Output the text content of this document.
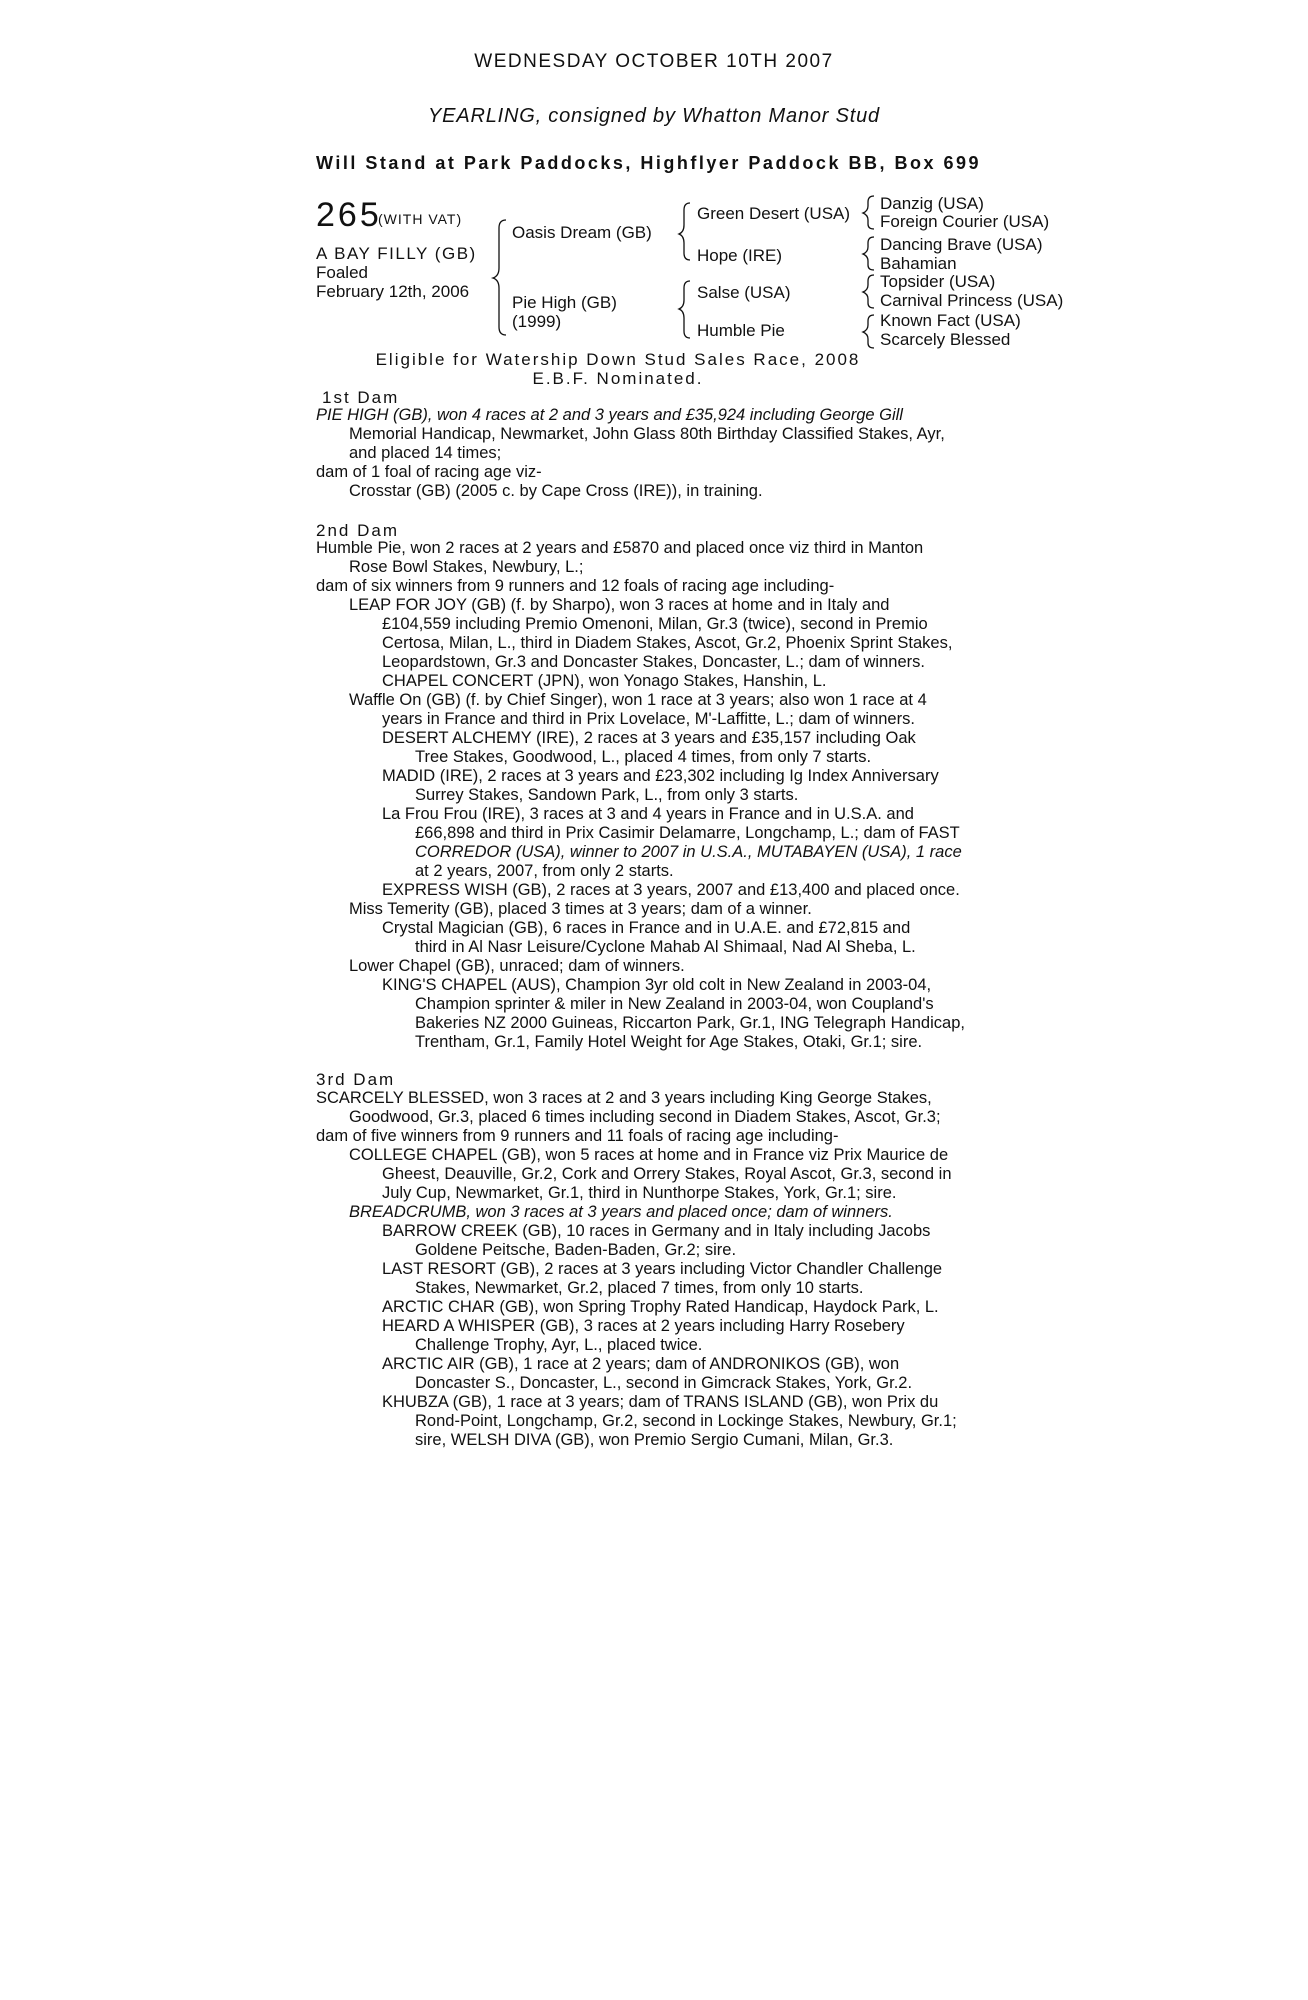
WEDNESDAY OCTOBER 10TH 2007
YEARLING, consigned by Whatton Manor Stud
Will Stand at Park Paddocks, Highflyer Paddock BB, Box 699
265
(WITH VAT)
A BAY FILLY (GB)
Foaled
February 12th, 2006
Oasis Dream (GB)
Pie High (GB)
(1999)
Green Desert (USA)
Hope (IRE)
Salse (USA)
Humble Pie
Danzig (USA)
Foreign Courier (USA)
Dancing Brave (USA)
Bahamian
Topsider (USA)
Carnival Princess (USA)
Known Fact (USA)
Scarcely Blessed
Eligible for Watership Down Stud Sales Race, 2008
E.B.F. Nominated.
1st Dam
PIE HIGH (GB), won 4 races at 2 and 3 years and £35,924 including George Gill
Memorial Handicap, Newmarket, John Glass 80th Birthday Classified Stakes, Ayr,
and placed 14 times;
dam of 1 foal of racing age viz-
Crosstar (GB) (2005 c. by Cape Cross (IRE)), in training.
2nd Dam
Humble Pie, won 2 races at 2 years and £5870 and placed once viz third in Manton
Rose Bowl Stakes, Newbury, L.;
dam of six winners from 9 runners and 12 foals of racing age including-
LEAP FOR JOY (GB) (f. by Sharpo), won 3 races at home and in Italy and
£104,559 including Premio Omenoni, Milan, Gr.3 (twice), second in Premio
Certosa, Milan, L., third in Diadem Stakes, Ascot, Gr.2, Phoenix Sprint Stakes,
Leopardstown, Gr.3 and Doncaster Stakes, Doncaster, L.; dam of winners.
CHAPEL CONCERT (JPN), won Yonago Stakes, Hanshin, L.
Waffle On (GB) (f. by Chief Singer), won 1 race at 3 years; also won 1 race at 4
years in France and third in Prix Lovelace, M'-Laffitte, L.; dam of winners.
DESERT ALCHEMY (IRE), 2 races at 3 years and £35,157 including Oak
Tree Stakes, Goodwood, L., placed 4 times, from only 7 starts.
MADID (IRE), 2 races at 3 years and £23,302 including Ig Index Anniversary
Surrey Stakes, Sandown Park, L., from only 3 starts.
La Frou Frou (IRE), 3 races at 3 and 4 years in France and in U.S.A. and
£66,898 and third in Prix Casimir Delamarre, Longchamp, L.; dam of FAST
CORREDOR (USA), winner to 2007 in U.S.A., MUTABAYEN (USA), 1 race
at 2 years, 2007, from only 2 starts.
EXPRESS WISH (GB), 2 races at 3 years, 2007 and £13,400 and placed once.
Miss Temerity (GB), placed 3 times at 3 years; dam of a winner.
Crystal Magician (GB), 6 races in France and in U.A.E. and £72,815 and
third in Al Nasr Leisure/Cyclone Mahab Al Shimaal, Nad Al Sheba, L.
Lower Chapel (GB), unraced; dam of winners.
KING'S CHAPEL (AUS), Champion 3yr old colt in New Zealand in 2003-04,
Champion sprinter & miler in New Zealand in 2003-04, won Coupland's
Bakeries NZ 2000 Guineas, Riccarton Park, Gr.1, ING Telegraph Handicap,
Trentham, Gr.1, Family Hotel Weight for Age Stakes, Otaki, Gr.1; sire.
3rd Dam
SCARCELY BLESSED, won 3 races at 2 and 3 years including King George Stakes,
Goodwood, Gr.3, placed 6 times including second in Diadem Stakes, Ascot, Gr.3;
dam of five winners from 9 runners and 11 foals of racing age including-
COLLEGE CHAPEL (GB), won 5 races at home and in France viz Prix Maurice de
Gheest, Deauville, Gr.2, Cork and Orrery Stakes, Royal Ascot, Gr.3, second in
July Cup, Newmarket, Gr.1, third in Nunthorpe Stakes, York, Gr.1; sire.
BREADCRUMB, won 3 races at 3 years and placed once; dam of winners.
BARROW CREEK (GB), 10 races in Germany and in Italy including Jacobs
Goldene Peitsche, Baden-Baden, Gr.2; sire.
LAST RESORT (GB), 2 races at 3 years including Victor Chandler Challenge
Stakes, Newmarket, Gr.2, placed 7 times, from only 10 starts.
ARCTIC CHAR (GB), won Spring Trophy Rated Handicap, Haydock Park, L.
HEARD A WHISPER (GB), 3 races at 2 years including Harry Rosebery
Challenge Trophy, Ayr, L., placed twice.
ARCTIC AIR (GB), 1 race at 2 years; dam of ANDRONIKOS (GB), won
Doncaster S., Doncaster, L., second in Gimcrack Stakes, York, Gr.2.
KHUBZA (GB), 1 race at 3 years; dam of TRANS ISLAND (GB), won Prix du
Rond-Point, Longchamp, Gr.2, second in Lockinge Stakes, Newbury, Gr.1;
sire, WELSH DIVA (GB), won Premio Sergio Cumani, Milan, Gr.3.
